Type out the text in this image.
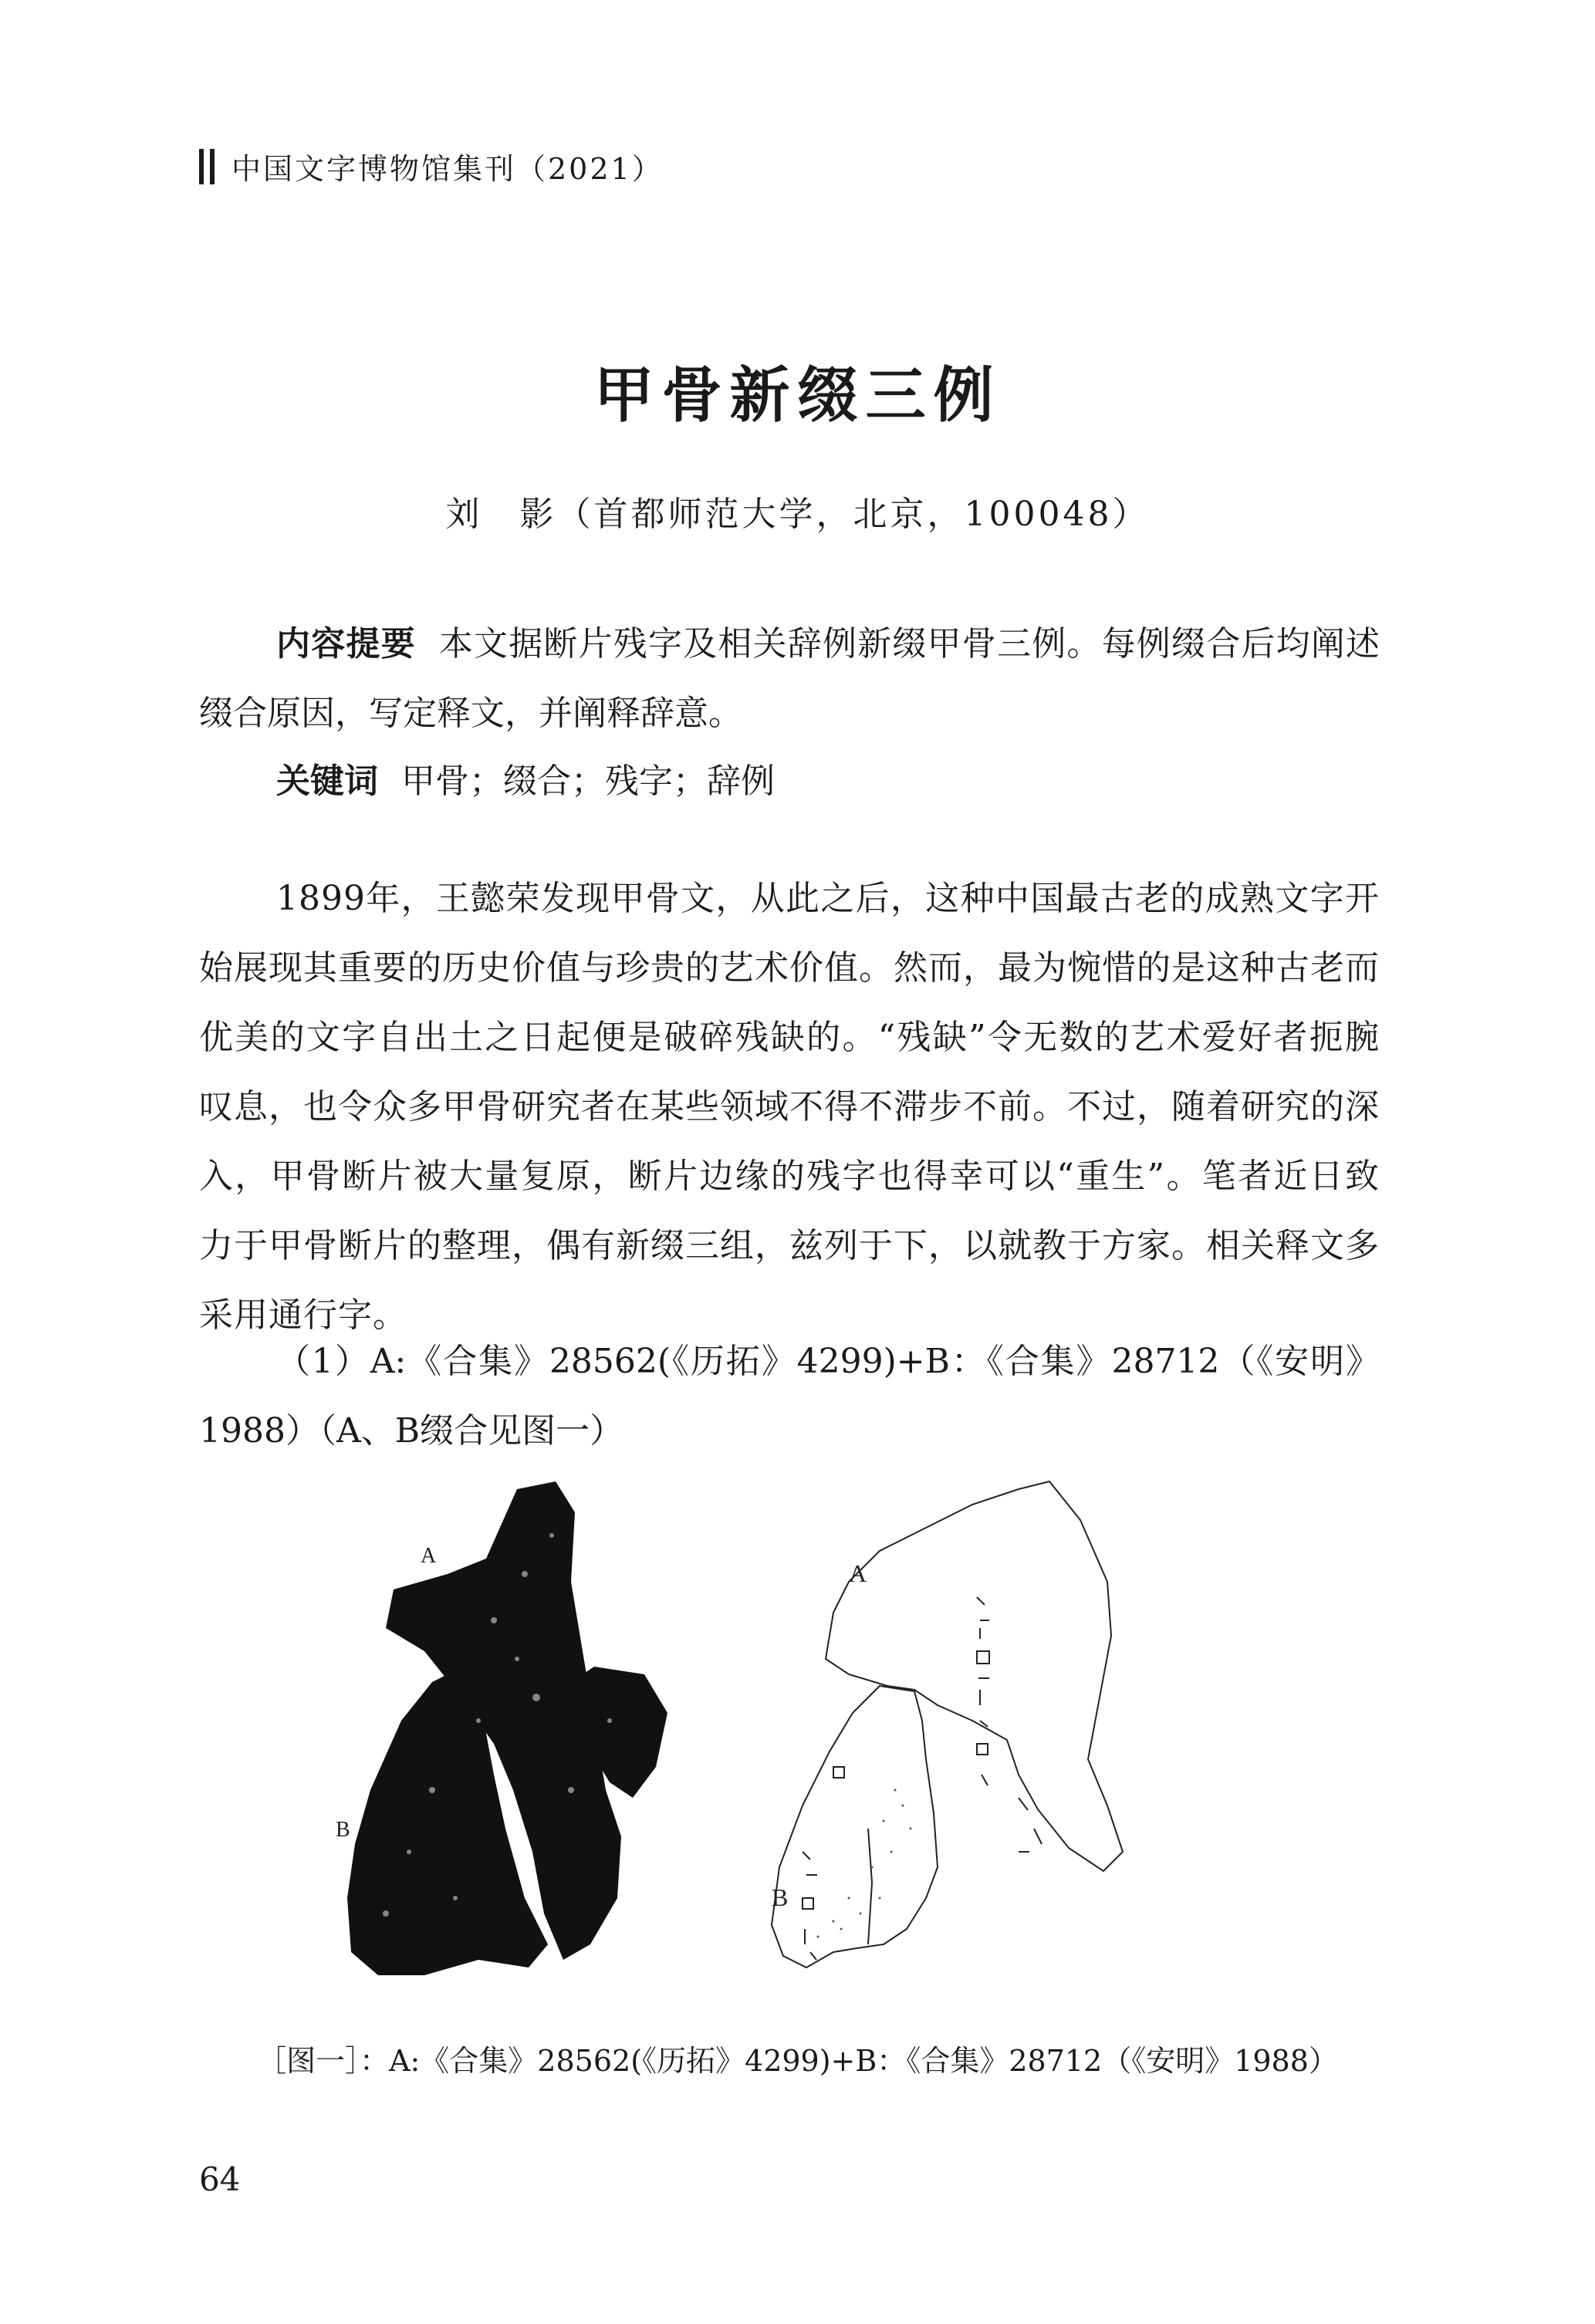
中国文字博物馆集刊（2021）
甲骨新缀三例
刘　影（首都师范大学，北京，100048）
内容提要 本文据断片残字及相关辞例新缀甲骨三例。每例缀合后均阐述缀合原因，写定释文，并阐释辞意。
关键词 甲骨；缀合；残字；辞例
1899年，王懿荣发现甲骨文，从此之后，这种中国最古老的成熟文字开始展现其重要的历史价值与珍贵的艺术价值。然而，最为惋惜的是这种古老而优美的文字自出土之日起便是破碎残缺的。“残缺”令无数的艺术爱好者扼腕叹息，也令众多甲骨研究者在某些领域不得不滞步不前。不过，随着研究的深入，甲骨断片被大量复原，断片边缘的残字也得幸可以“重生”。笔者近日致力于甲骨断片的整理，偶有新缀三组，兹列于下，以就教于方家。相关释文多采用通行字。
（1）A:《合集》28562(《历拓》4299)+B：《合集》28712（《安明》1988）（A、B缀合见图一）
A
B
A
B
［图一］：A:《合集》28562(《历拓》4299)+B：《合集》28712（《安明》1988）
64
